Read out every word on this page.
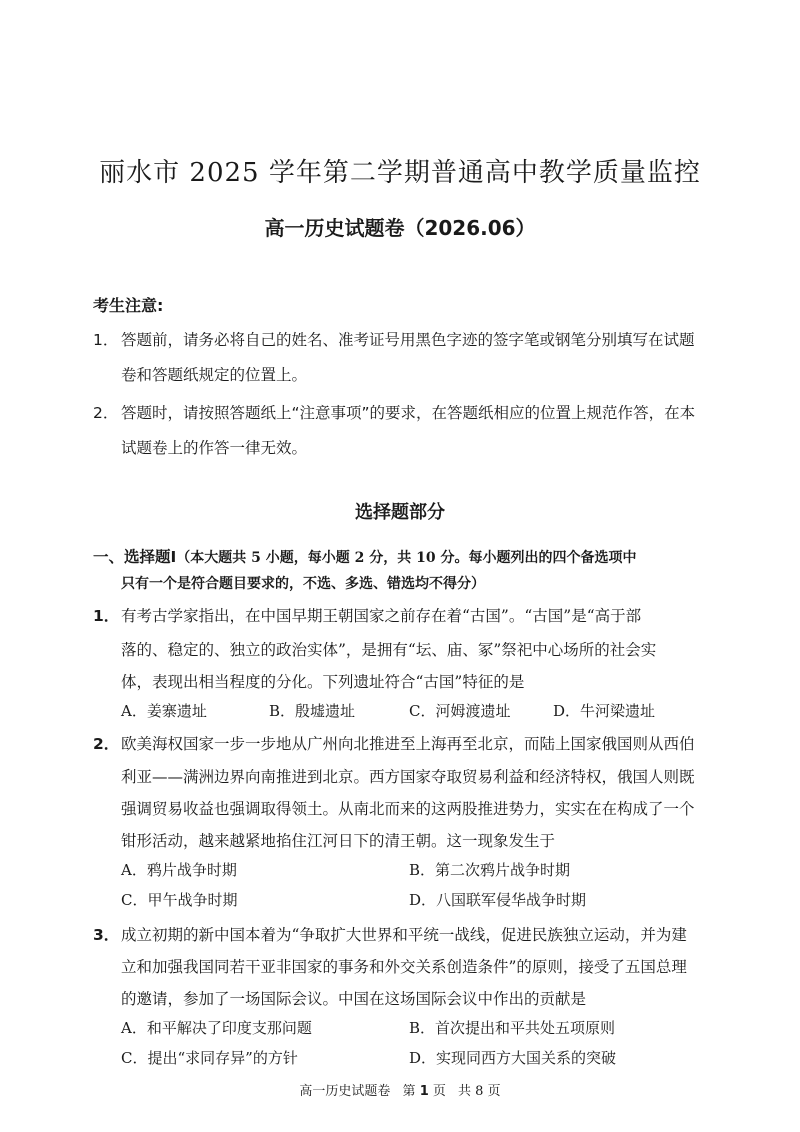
丽水市 2025 学年第二学期普通高中教学质量监控
高一历史试题卷（2026.06）
考生注意:
1． 答题前，请务必将自己的姓名、准考证号用黑色字迹的签字笔或钢笔分别填写在试题
卷和答题纸规定的位置上。
2． 答题时，请按照答题纸上“注意事项”的要求，在答题纸相应的位置上规范作答，在本
试题卷上的作答一律无效。
选择题部分
一、选择题Ⅰ（本大题共 5 小题，每小题 2 分，共 10 分。每小题列出的四个备选项中
只有一个是符合题目要求的，不选、多选、错选均不得分）
1． 有考古学家指出，在中国早期王朝国家之前存在着“古国”。“古国”是“高于部
落的、稳定的、独立的政治实体”，是拥有“坛、庙、冢”祭祀中心场所的社会实
体，表现出相当程度的分化。下列遗址符合“古国”特征的是
A．姜寨遗址	B．殷墟遗址	C．河姆渡遗址	D．牛河梁遗址
2． 欧美海权国家一步一步地从广州向北推进至上海再至北京，而陆上国家俄国则从西伯
利亚——满洲边界向南推进到北京。西方国家夺取贸易利益和经济特权，俄国人则既
强调贸易收益也强调取得领土。从南北而来的这两股推进势力，实实在在构成了一个
钳形活动，越来越紧地掐住江河日下的清王朝。这一现象发生于
A．鸦片战争时期	B．第二次鸦片战争时期
C．甲午战争时期	D．八国联军侵华战争时期
3． 成立初期的新中国本着为“争取扩大世界和平统一战线，促进民族独立运动，并为建
立和加强我国同若干亚非国家的事务和外交关系创造条件”的原则，接受了五国总理
的邀请，参加了一场国际会议。中国在这场国际会议中作出的贡献是
A．和平解决了印度支那问题	B．首次提出和平共处五项原则
C．提出“求同存异”的方针	D．实现同西方大国关系的突破
高一历史试题卷 第 1 页 共 8 页
